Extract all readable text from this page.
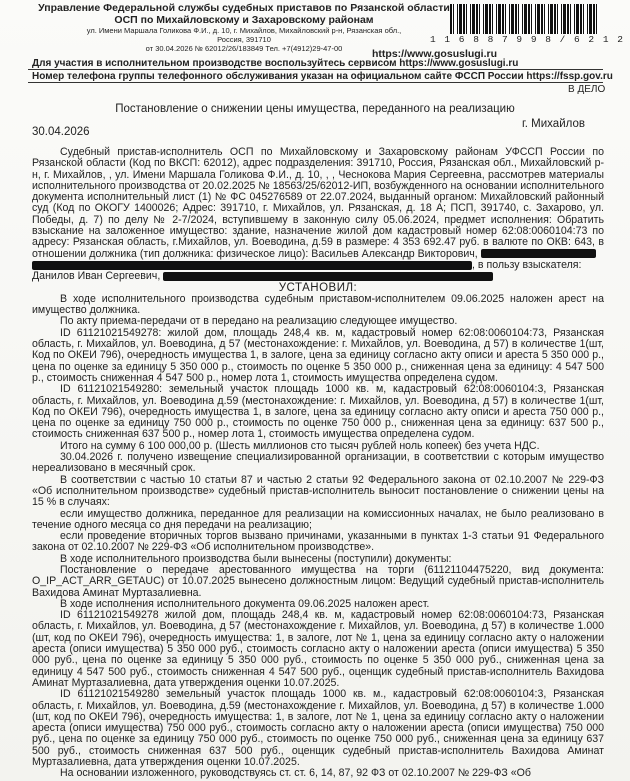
Управление Федеральной службы судебных приставов по Рязанской области
ОСП по Михайловскому и Захаровскому районам
ул. Имени Маршала Голикова Ф.И., д. 10, г. Михайлов, Михайловский р-н, Рязанская обл.,
Россия, 391710
от 30.04.2026 № 62012/26/183849 Тел. +7(4912)29-47-00
1 1 6 8 8 7 9 9 8 / 6 2 1 2
https://www.gosuslugi.ru
Для участия в исполнительном производстве воспользуйтесь сервисом https://www.gosuslugi.ru
Номер телефона группы телефонного обслуживания указан на официальном сайте ФССП России https://fssp.gov.ru
В ДЕЛО
Постановление о снижении цены имущества, переданного на реализацию
г. Михайлов
30.04.2026

Судебный пристав-исполнитель ОСП по Михайловскому и Захаровскому районам УФССП России по Рязанской области (Код по ВКСП: 62012), адрес подразделения: 391710, Россия, Рязанская обл., Михайловский р-н, г. Михайлов, , ул. Имени Маршала Голикова Ф.И., д. 10, , , Чеснокова Мария Сергеевна, рассмотрев материалы исполнительного производства от 20.02.2025 № 18563/25/62012-ИП, возбужденного на основании исполнительного документа исполнительный лист (1) № ФС 045276589 от 22.07.2024, выданный органом: Михайловский районный суд (Код по ОКОГУ 1400026; Адрес: 391710, г. Михайлов, ул. Рязанская, д. 18 А; ПСП, 391740, с. Захарово, ул. Победы, д. 7) по делу № 2-7/2024, вступившему в законную силу 05.06.2024, предмет исполнения: Обратить взыскание на заложенное имущество: здание, назначение жилой дом кадастровый номер 62:08:0060104:73 по адресу: Рязанская область, г.Михайлов, ул. Воеводина, д.59 в размере: 4 353 692.47 руб. в валюте по ОКВ: 643, в отношении должника (тип должника: физическое лицо): Васильев Александр Викторович,

, в пользу взыскателя:

Данилов Иван Сергеевич,

УСТАНОВИЛ:

В ходе исполнительного производства судебным приставом-исполнителем 09.06.2025 наложен арест на имущество должника.

По акту приема-передачи от в передано на реализацию следующее имущество.

ID 61121021549278: жилой дом, площадь 248,4 кв. м, кадастровый номер 62:08:0060104:73, Рязанская область, г. Михайлов, ул. Воеводина, д 57 (местонахождение: г. Михайлов, ул. Воеводина, д 57) в количестве 1(шт, Код по ОКЕИ 796), очередность имущества 1, в залоге, цена за единицу согласно акту описи и ареста 5 350 000 р., цена по оценке за единицу 5 350 000 р., стоимость по оценке 5 350 000 р., сниженная цена за единицу: 4 547 500 р., стоимость сниженная 4 547 500 р., номер лота 1, стоимость имущества определена судом.

ID 61121021549280: земельный участок площадь 1000 кв. м, кадастровый 62:08:0060104:3, Рязанская область, г. Михайлов, ул. Воеводина д.59 (местонахождение: г. Михайлов, ул. Воеводина, д 57) в количестве 1(шт, Код по ОКЕИ 796), очередность имущества 1, в залоге, цена за единицу согласно акту описи и ареста 750 000 р., цена по оценке за единицу 750 000 р., стоимость по оценке 750 000 р., сниженная цена за единицу: 637 500 р., стоимость сниженная 637 500 р., номер лота 1, стоимость имущества определена судом.

Итого на сумму 6 100 000,00 р. (Шесть миллионов сто тысяч рублей ноль копеек) без учета НДС.

30.04.2026 г. получено извещение специализированной организации, в соответствии с которым имущество нереализовано в месячный срок.

В соответствии с частью 10 статьи 87 и частью 2 статьи 92 Федерального закона от 02.10.2007 № 229-ФЗ «Об исполнительном производстве» судебный пристав-исполнитель выносит постановление о снижении цены на 15 % в случаях:

если имущество должника, переданное для реализации на комиссионных началах, не было реализовано в течение одного месяца со дня передачи на реализацию;

если проведение вторичных торгов вызвано причинами, указанными в пунктах 1-3 статьи 91 Федерального закона от 02.10.2007 № 229-ФЗ «Об исполнительном производстве».

В ходе исполнительного производства были вынесены (поступили) документы:

Постановление о передаче арестованного имущества на торги (61121104475220, вид документа: O_IP_ACT_ARR_GETAUC) от 10.07.2025 вынесено должностным лицом: Ведущий судебный пристав-исполнитель Вахидова Аминат Муртазалиевна.

В ходе исполнения исполнительного документа 09.06.2025 наложен арест.

ID 61121021549278 жилой дом, площадь 248,4 кв. м, кадастровый номер 62:08:0060104:73, Рязанская область, г. Михайлов, ул. Воеводина, д 57 (местонахождение г. Михайлов, ул. Воеводина, д 57) в количестве 1.000 (шт, код по ОКЕИ 796), очередность имущества: 1, в залоге, лот № 1, цена за единицу согласно акту о наложении ареста (описи имущества) 5 350 000 руб., стоимость согласно акту о наложении ареста (описи имущества) 5 350 000 руб., цена по оценке за единицу 5 350 000 руб., стоимость по оценке 5 350 000 руб., сниженная цена за единицу 4 547 500 руб., стоимость сниженная 4 547 500 руб., оценщик судебный пристав-исполнитель Вахидова Аминат Муртазалиевна, дата утверждения оценки 10.07.2025.

ID 61121021549280 земельный участок площадь 1000 кв. м., кадастровый 62:08:0060104:3, Рязанская область, г. Михайлов, ул. Воеводина, д.59 (местонахождение г. Михайлов, ул. Воеводина, д 57) в количестве 1.000 (шт, код по ОКЕИ 796), очередность имущества: 1, в залоге, лот № 1, цена за единицу согласно акту о наложении ареста (описи имущества) 750 000 руб., стоимость согласно акту о наложении ареста (описи имущества) 750 000 руб., цена по оценке за единицу 750 000 руб., стоимость по оценке 750 000 руб., сниженная цена за единицу 637 500 руб., стоимость сниженная 637 500 руб., оценщик судебный пристав-исполнитель Вахидова Аминат Муртазалиевна, дата утверждения оценки 10.07.2025.

На основании изложенного, руководствуясь ст. ст. 6, 14, 87, 92 ФЗ от 02.10.2007 № 229-ФЗ «Об
